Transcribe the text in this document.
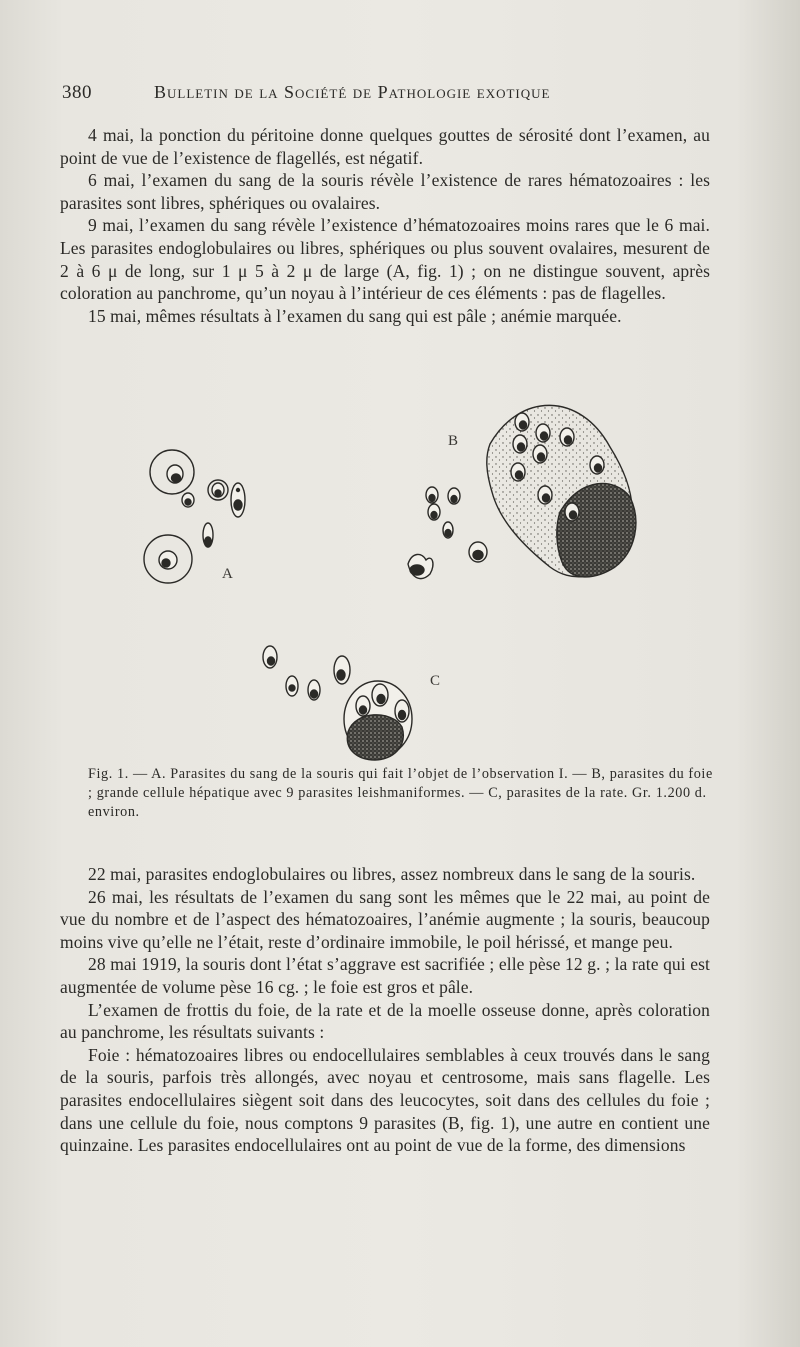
380	Bulletin de la Société de Pathologie exotique

4 mai, la ponction du péritoine donne quelques gouttes de sérosité dont l’examen, au point de vue de l’existence de flagellés, est négatif.

6 mai, l’examen du sang de la souris révèle l’existence de rares hématozoaires : les parasites sont libres, sphériques ou ovalaires.

9 mai, l’examen du sang révèle l’existence d’hématozoaires moins rares que le 6 mai. Les parasites endoglobulaires ou libres, sphériques ou plus souvent ovalaires, mesurent de 2 à 6 μ de long, sur 1 μ 5 à 2 μ de large (A, fig. 1) ; on ne distingue souvent, après coloration au panchrome, qu’un noyau à l’intérieur de ces éléments : pas de flagelles.

15 mai, mêmes résultats à l’examen du sang qui est pâle ; anémie marquée.

A
B
C

Fig. 1. — A. Parasites du sang de la souris qui fait l’objet de l’observation I. — B, parasites du foie ; grande cellule hépatique avec 9 parasites leishmaniformes. — C, parasites de la rate. Gr. 1.200 d. environ.

22 mai, parasites endoglobulaires ou libres, assez nombreux dans le sang de la souris.

26 mai, les résultats de l’examen du sang sont les mêmes que le 22 mai, au point de vue du nombre et de l’aspect des hématozoaires, l’anémie augmente ; la souris, beaucoup moins vive qu’elle ne l’était, reste d’ordinaire immobile, le poil hérissé, et mange peu.

28 mai 1919, la souris dont l’état s’aggrave est sacrifiée ; elle pèse 12 g. ; la rate qui est augmentée de volume pèse 16 cg. ; le foie est gros et pâle.

L’examen de frottis du foie, de la rate et de la moelle osseuse donne, après coloration au panchrome, les résultats suivants :

Foie : hématozoaires libres ou endocellulaires semblables à ceux trouvés dans le sang de la souris, parfois très allongés, avec noyau et centrosome, mais sans flagelle. Les parasites endocellulaires siègent soit dans des leucocytes, soit dans des cellules du foie ; dans une cellule du foie, nous comptons 9 parasites (B, fig. 1), une autre en contient une quinzaine. Les parasites endocellulaires ont au point de vue de la forme, des dimensions
